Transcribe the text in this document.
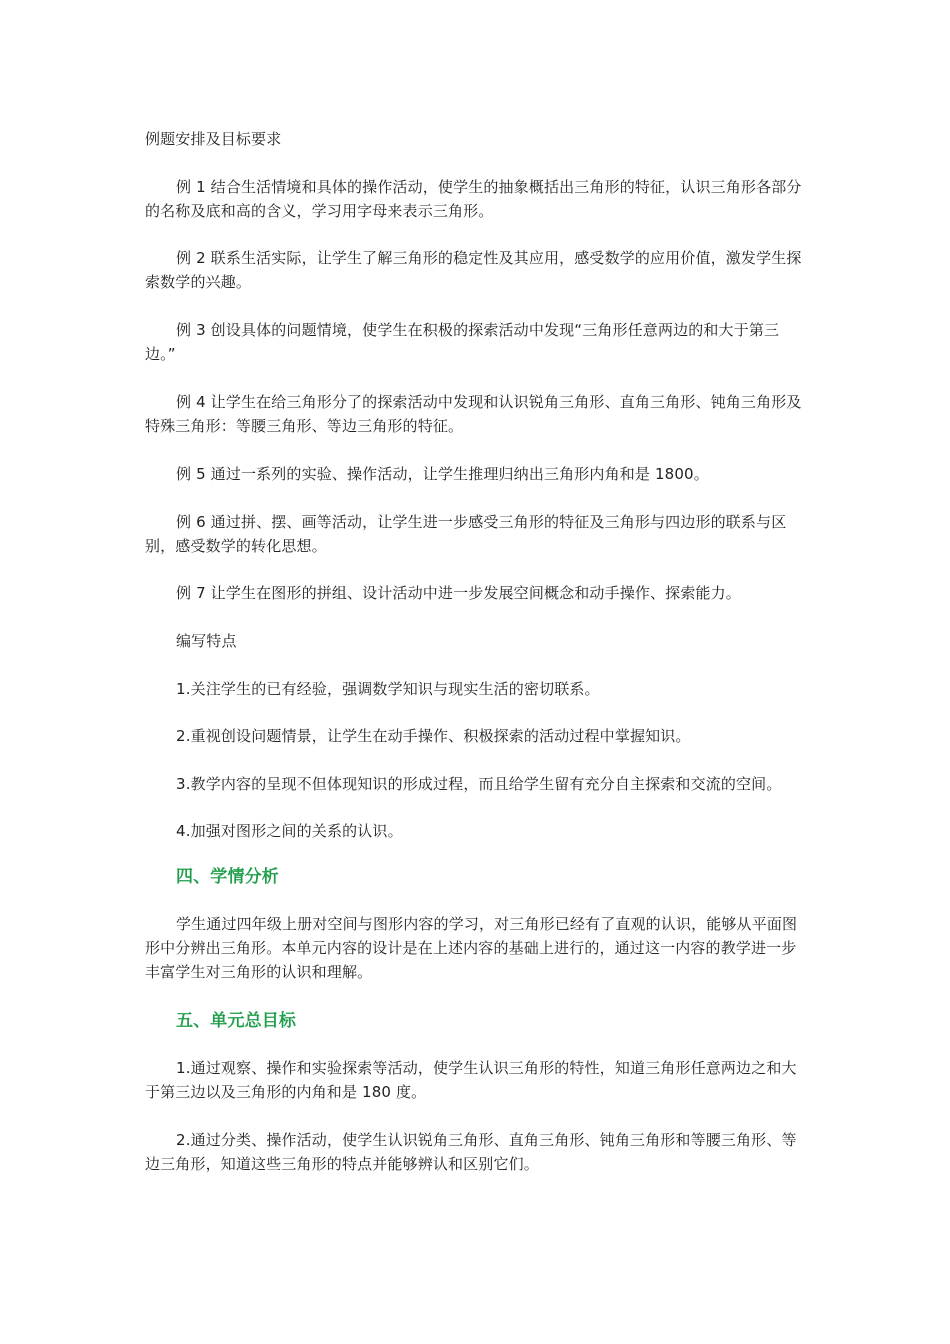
例题安排及目标要求

例 1 结合生活情境和具体的操作活动，使学生的抽象概括出三角形的特征，认识三角形各部分的名称及底和高的含义，学习用字母来表示三角形。

例 2 联系生活实际，让学生了解三角形的稳定性及其应用，感受数学的应用价值，激发学生探索数学的兴趣。

例 3 创设具体的问题情境，使学生在积极的探索活动中发现“三角形任意两边的和大于第三边。”

例 4 让学生在给三角形分了的探索活动中发现和认识锐角三角形、直角三角形、钝角三角形及特殊三角形：等腰三角形、等边三角形的特征。

例 5 通过一系列的实验、操作活动，让学生推理归纳出三角形内角和是 1800。

例 6 通过拼、摆、画等活动，让学生进一步感受三角形的特征及三角形与四边形的联系与区别，感受数学的转化思想。

例 7 让学生在图形的拼组、设计活动中进一步发展空间概念和动手操作、探索能力。

编写特点

1.关注学生的已有经验，强调数学知识与现实生活的密切联系。

2.重视创设问题情景，让学生在动手操作、积极探索的活动过程中掌握知识。

3.教学内容的呈现不但体现知识的形成过程，而且给学生留有充分自主探索和交流的空间。

4.加强对图形之间的关系的认识。

四、学情分析

学生通过四年级上册对空间与图形内容的学习，对三角形已经有了直观的认识，能够从平面图形中分辨出三角形。本单元内容的设计是在上述内容的基础上进行的，通过这一内容的教学进一步丰富学生对三角形的认识和理解。

五、单元总目标

1.通过观察、操作和实验探索等活动，使学生认识三角形的特性，知道三角形任意两边之和大于第三边以及三角形的内角和是 180 度。

2.通过分类、操作活动，使学生认识锐角三角形、直角三角形、钝角三角形和等腰三角形、等边三角形，知道这些三角形的特点并能够辨认和区别它们。
